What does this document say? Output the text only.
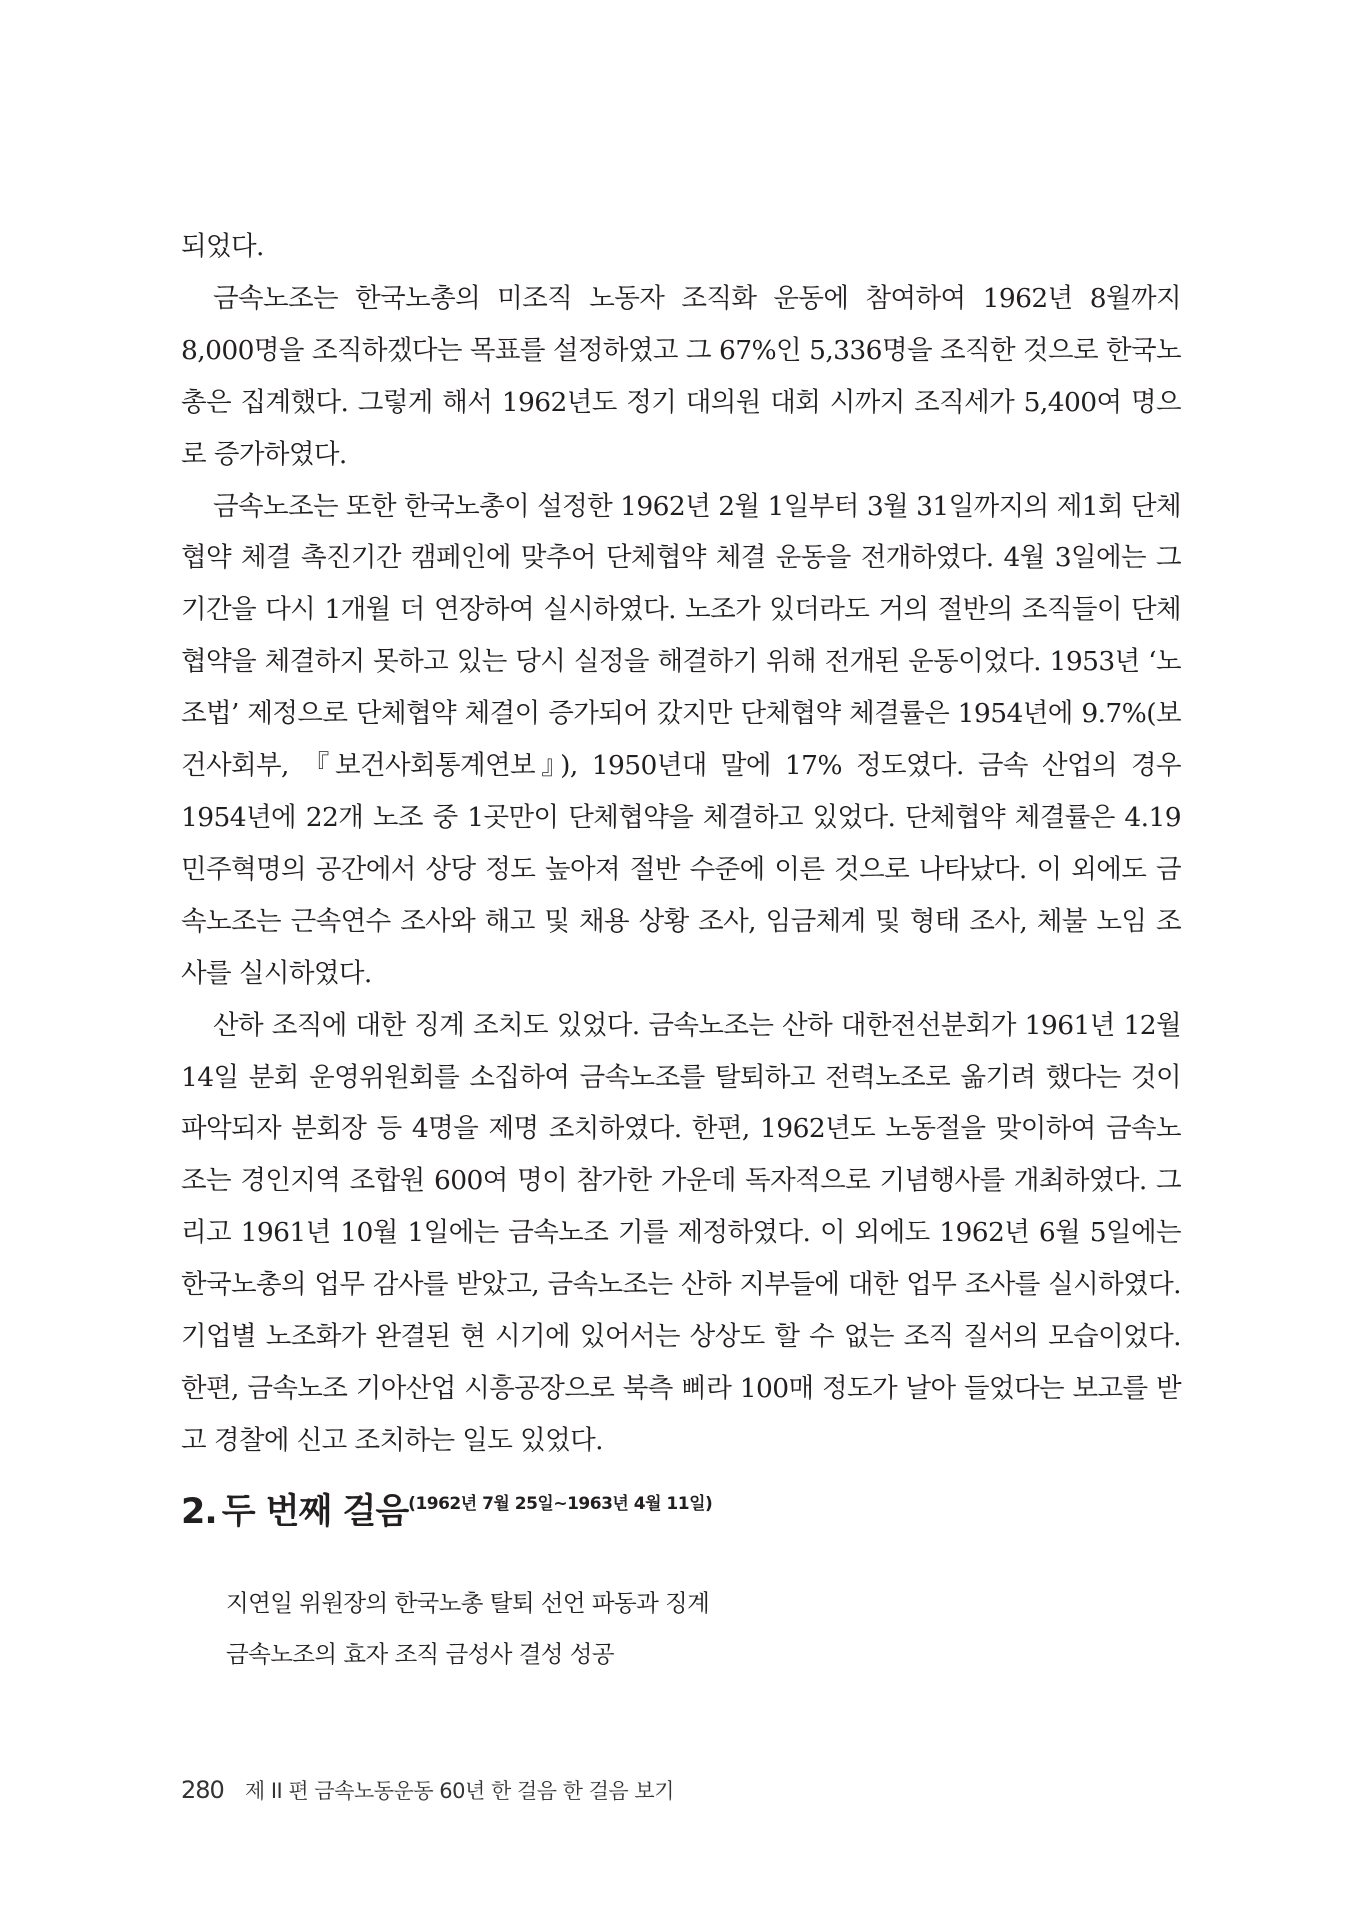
되었다.

금속노조는 한국노총의 미조직 노동자 조직화 운동에 참여하여 1962년 8월까지 8,000명을 조직하겠다는 목표를 설정하였고 그 67%인 5,336명을 조직한 것으로 한국노총은 집계했다. 그렇게 해서 1962년도 정기 대의원 대회 시까지 조직세가 5,400여 명으로 증가하였다.

금속노조는 또한 한국노총이 설정한 1962년 2월 1일부터 3월 31일까지의 제1회 단체협약 체결 촉진기간 캠페인에 맞추어 단체협약 체결 운동을 전개하였다. 4월 3일에는 그 기간을 다시 1개월 더 연장하여 실시하였다. 노조가 있더라도 거의 절반의 조직들이 단체협약을 체결하지 못하고 있는 당시 실정을 해결하기 위해 전개된 운동이었다. 1953년 ‘노조법’ 제정으로 단체협약 체결이 증가되어 갔지만 단체협약 체결률은 1954년에 9.7%(보건사회부, 『보건사회통계연보』), 1950년대 말에 17% 정도였다. 금속 산업의 경우 1954년에 22개 노조 중 1곳만이 단체협약을 체결하고 있었다. 단체협약 체결률은 4.19 민주혁명의 공간에서 상당 정도 높아져 절반 수준에 이른 것으로 나타났다. 이 외에도 금속노조는 근속연수 조사와 해고 및 채용 상황 조사, 임금체계 및 형태 조사, 체불 노임 조사를 실시하였다.

산하 조직에 대한 징계 조치도 있었다. 금속노조는 산하 대한전선분회가 1961년 12월 14일 분회 운영위원회를 소집하여 금속노조를 탈퇴하고 전력노조로 옮기려 했다는 것이 파악되자 분회장 등 4명을 제명 조치하였다. 한편, 1962년도 노동절을 맞이하여 금속노조는 경인지역 조합원 600여 명이 참가한 가운데 독자적으로 기념행사를 개최하였다. 그리고 1961년 10월 1일에는 금속노조 기를 제정하였다. 이 외에도 1962년 6월 5일에는 한국노총의 업무 감사를 받았고, 금속노조는 산하 지부들에 대한 업무 조사를 실시하였다. 기업별 노조화가 완결된 현 시기에 있어서는 상상도 할 수 없는 조직 질서의 모습이었다. 한편, 금속노조 기아산업 시흥공장으로 북측 삐라 100매 정도가 날아 들었다는 보고를 받고 경찰에 신고 조치하는 일도 있었다.

2. 두 번째 걸음(1962년 7월 25일~1963년 4월 11일)
지연일 위원장의 한국노총 탈퇴 선언 파동과 징계
금속노조의 효자 조직 금성사 결성 성공
280 제 II 편 금속노동운동 60년 한 걸음 한 걸음 보기
